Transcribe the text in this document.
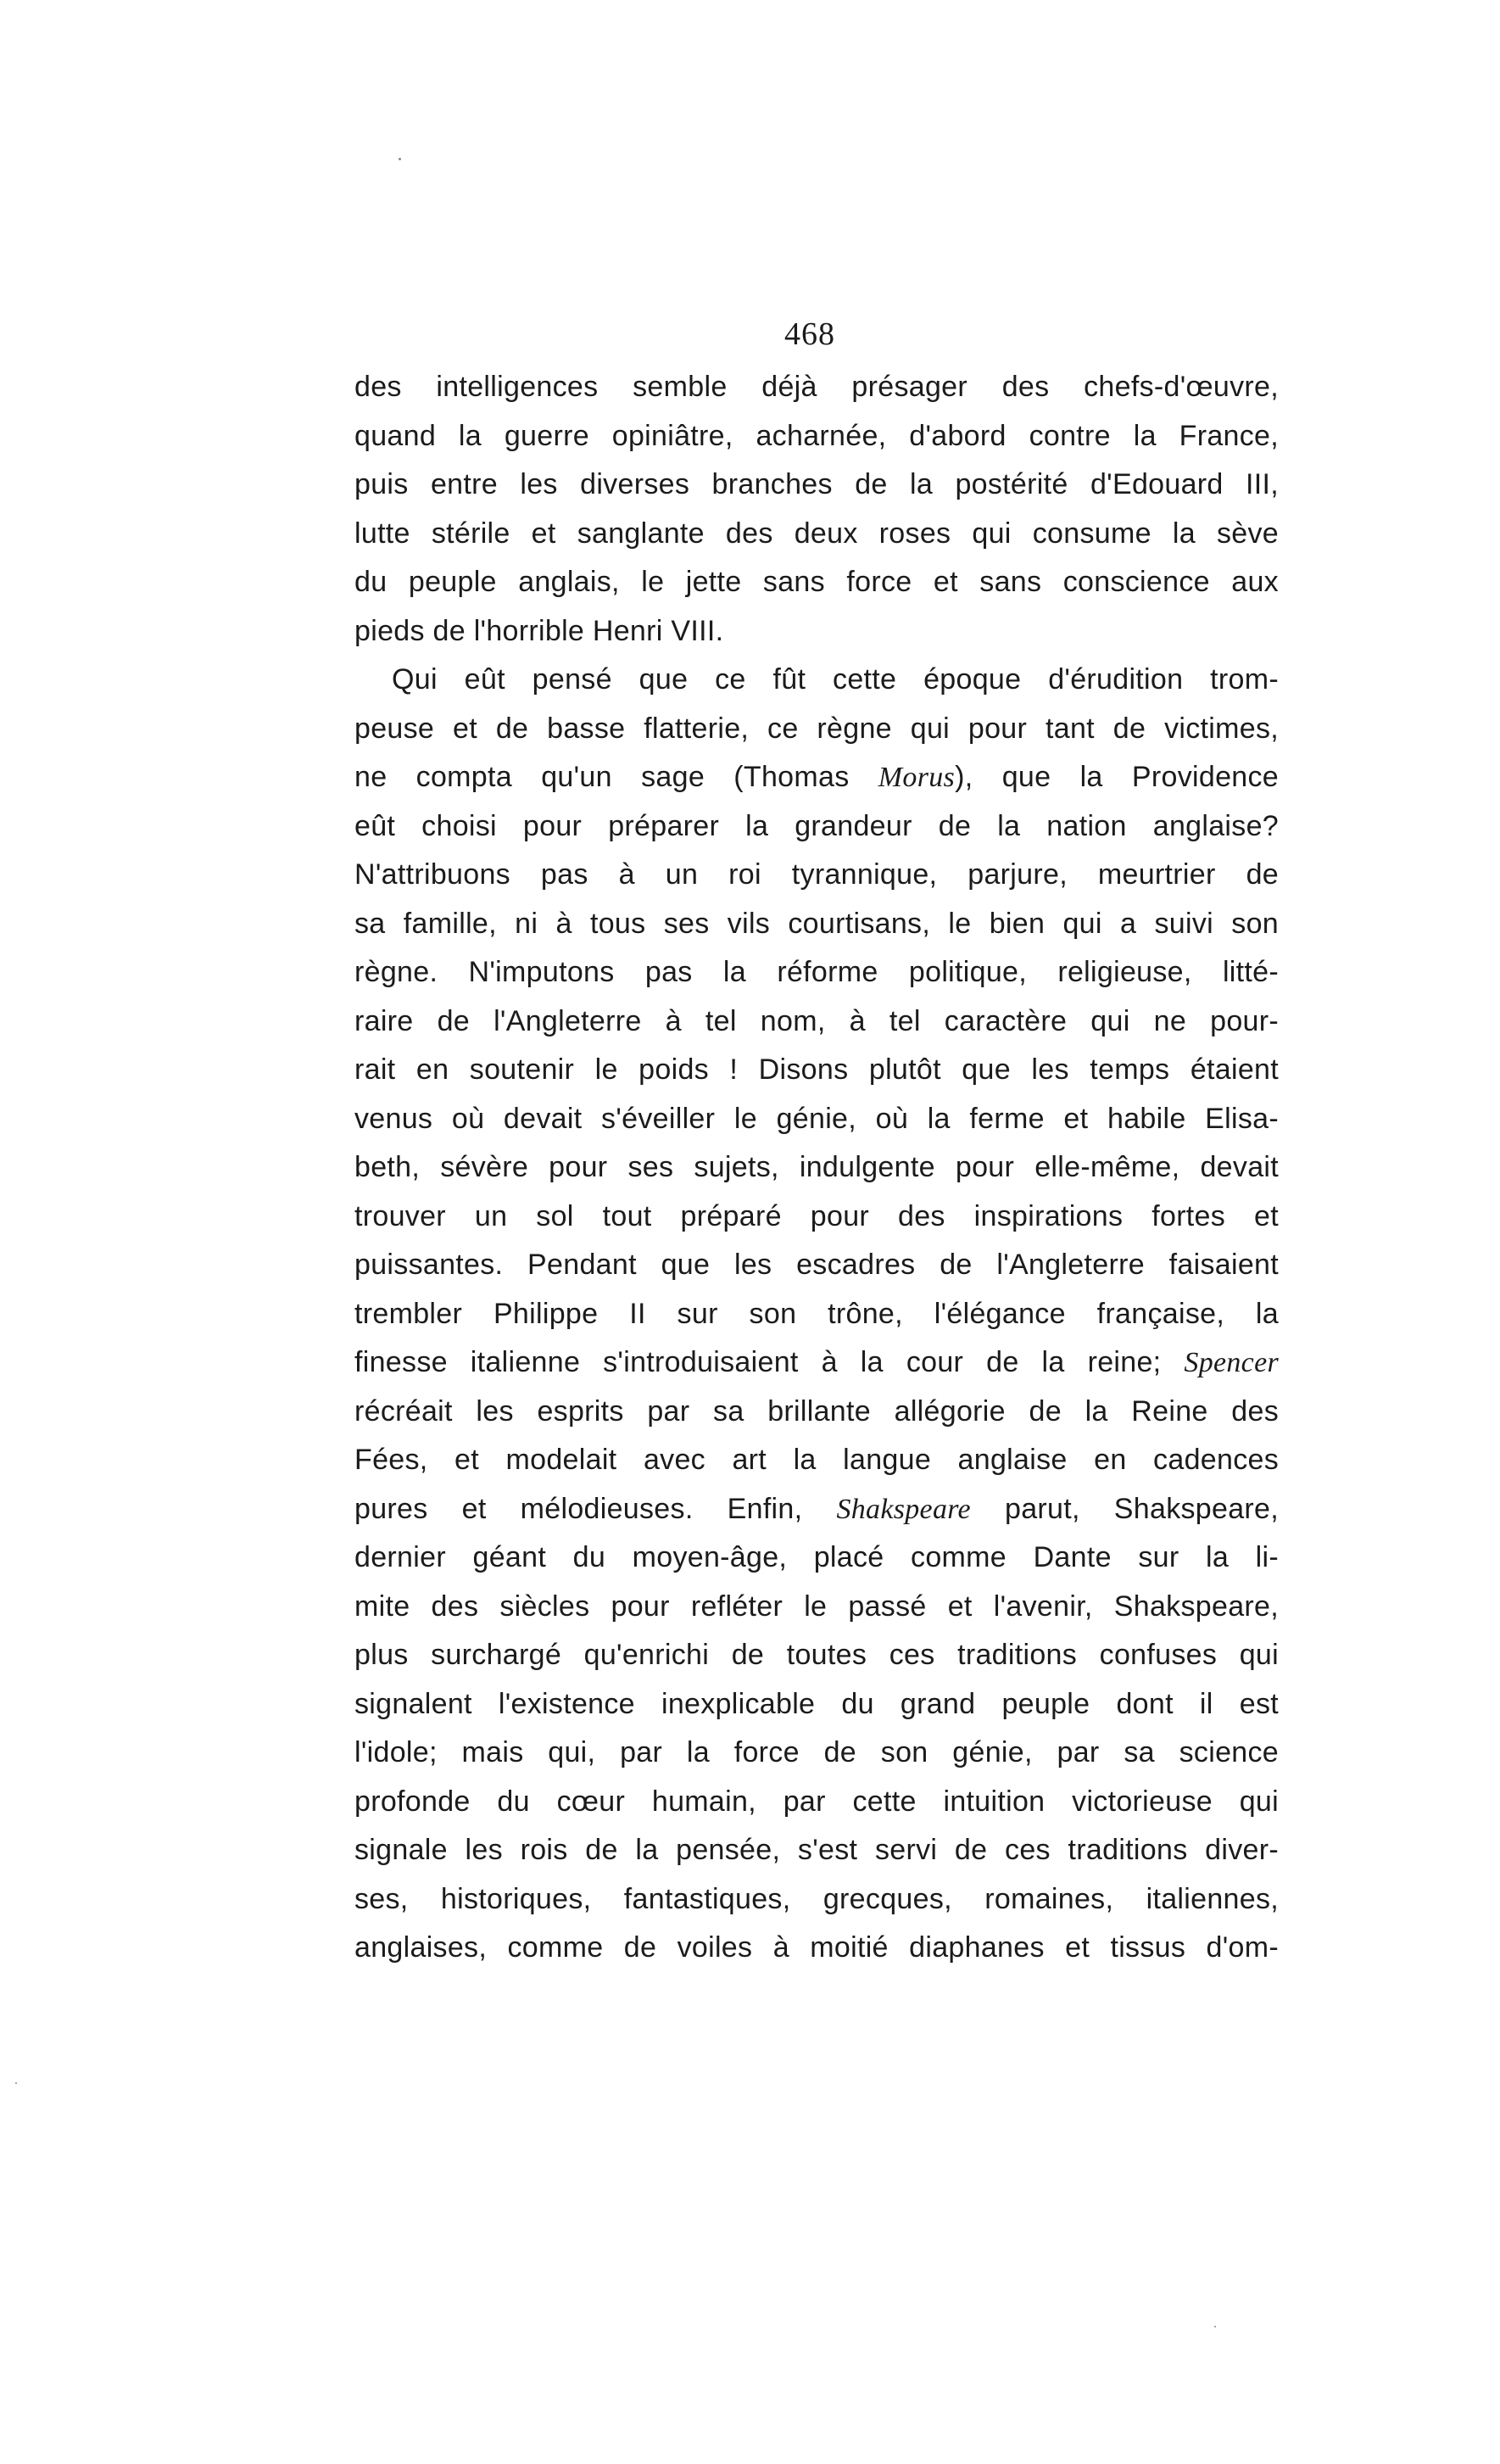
468
des intelligences semble déjà présager des chefs-d'œuvre,
quand la guerre opiniâtre, acharnée, d'abord contre la France,
puis entre les diverses branches de la postérité d'Edouard III,
lutte stérile et sanglante des deux roses qui consume la sève
du peuple anglais, le jette sans force et sans conscience aux
pieds de l'horrible Henri VIII.
Qui eût pensé que ce fût cette époque d'érudition trom-
peuse et de basse flatterie, ce règne qui pour tant de victimes,
ne compta qu'un sage (Thomas Morus), que la Providence
eût choisi pour préparer la grandeur de la nation anglaise?
N'attribuons pas à un roi tyrannique, parjure, meurtrier de
sa famille, ni à tous ses vils courtisans, le bien qui a suivi son
règne. N'imputons pas la réforme politique, religieuse, litté-
raire de l'Angleterre à tel nom, à tel caractère qui ne pour-
rait en soutenir le poids ! Disons plutôt que les temps étaient
venus où devait s'éveiller le génie, où la ferme et habile Elisa-
beth, sévère pour ses sujets, indulgente pour elle-même, devait
trouver un sol tout préparé pour des inspirations fortes et
puissantes. Pendant que les escadres de l'Angleterre faisaient
trembler Philippe II sur son trône, l'élégance française, la
finesse italienne s'introduisaient à la cour de la reine; Spencer
récréait les esprits par sa brillante allégorie de la Reine des
Fées, et modelait avec art la langue anglaise en cadences
pures et mélodieuses. Enfin, Shakspeare parut, Shakspeare,
dernier géant du moyen-âge, placé comme Dante sur la li-
mite des siècles pour refléter le passé et l'avenir, Shakspeare,
plus surchargé qu'enrichi de toutes ces traditions confuses qui
signalent l'existence inexplicable du grand peuple dont il est
l'idole; mais qui, par la force de son génie, par sa science
profonde du cœur humain, par cette intuition victorieuse qui
signale les rois de la pensée, s'est servi de ces traditions diver-
ses, historiques, fantastiques, grecques, romaines, italiennes,
anglaises, comme de voiles à moitié diaphanes et tissus d'om-
